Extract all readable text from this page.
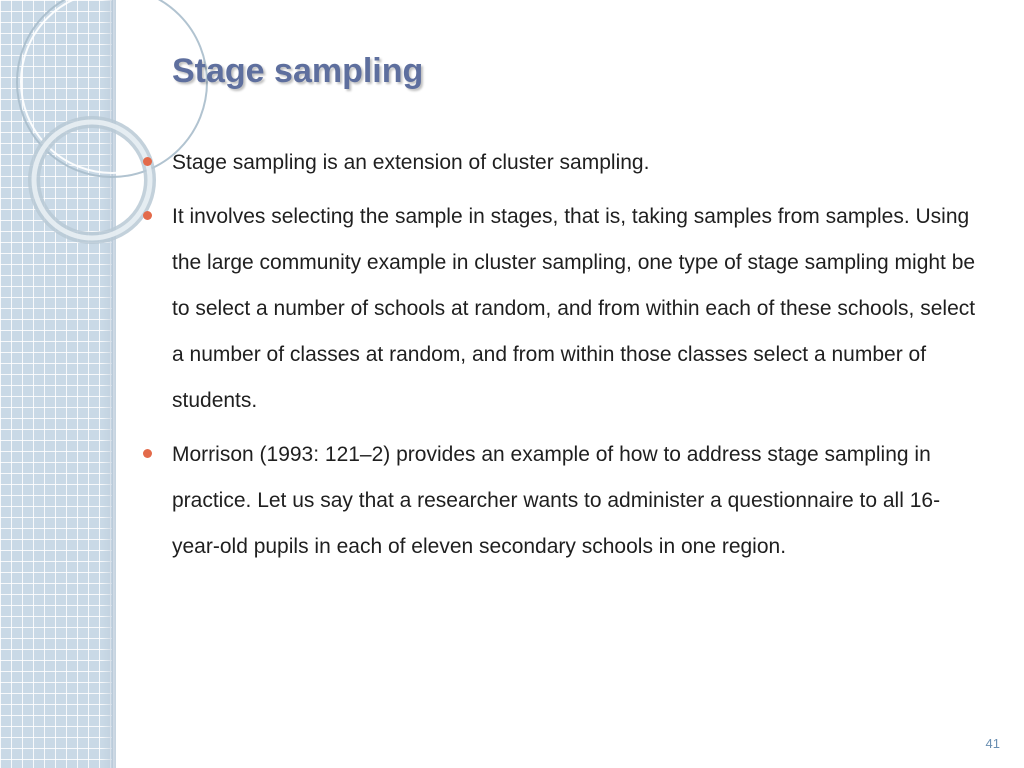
Stage sampling
Stage sampling is an extension of cluster sampling.
It involves selecting the sample in stages, that is, taking samples from samples. Using the large community example in cluster sampling, one type of stage sampling might be to select a number of schools at random, and from within each of these schools, select a number of classes at random, and from within those classes select a number of students.
Morrison (1993: 121–2) provides an example of how to address stage sampling in practice. Let us say that a researcher wants to administer a questionnaire to all 16-year-old pupils in each of eleven secondary schools in one region.
41
